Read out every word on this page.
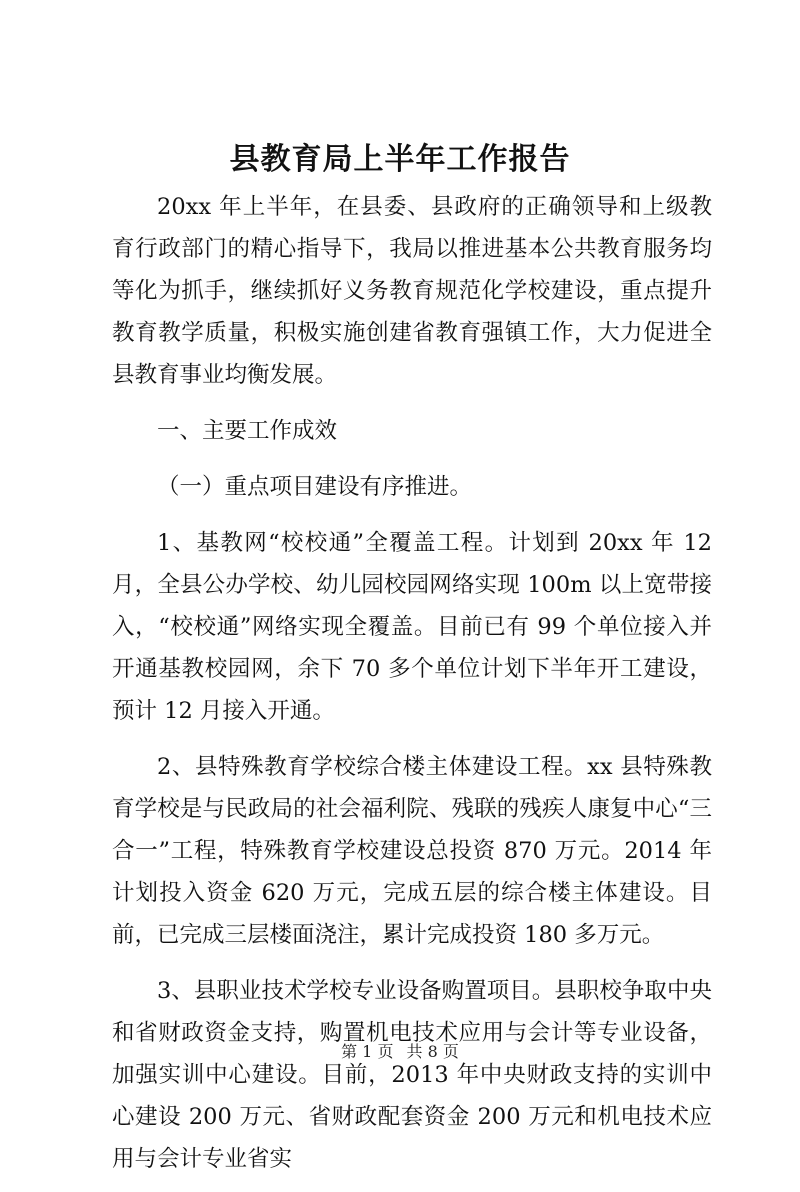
县教育局上半年工作报告

20xx 年上半年，在县委、县政府的正确领导和上级教育行政部门的精心指导下，我局以推进基本公共教育服务均等化为抓手，继续抓好义务教育规范化学校建设，重点提升教育教学质量，积极实施创建省教育强镇工作，大力促进全县教育事业均衡发展。

一、主要工作成效

（一）重点项目建设有序推进。

1、基教网“校校通”全覆盖工程。计划到 20xx 年 12 月，全县公办学校、幼儿园校园网络实现 100m 以上宽带接入，“校校通”网络实现全覆盖。目前已有 99 个单位接入并开通基教校园网，余下 70 多个单位计划下半年开工建设，预计 12 月接入开通。

2、县特殊教育学校综合楼主体建设工程。xx 县特殊教育学校是与民政局的社会福利院、残联的残疾人康复中心“三合一”工程，特殊教育学校建设总投资 870 万元。2014 年计划投入资金 620 万元，完成五层的综合楼主体建设。目前，已完成三层楼面浇注，累计完成投资 180 多万元。

3、县职业技术学校专业设备购置项目。县职校争取中央和省财政资金支持，购置机电技术应用与会计等专业设备，加强实训中心建设。目前，2013 年中央财政支持的实训中心建设 200 万元、省财政配套资金 200 万元和机电技术应用与会计专业省实

第 1 页 共 8 页
